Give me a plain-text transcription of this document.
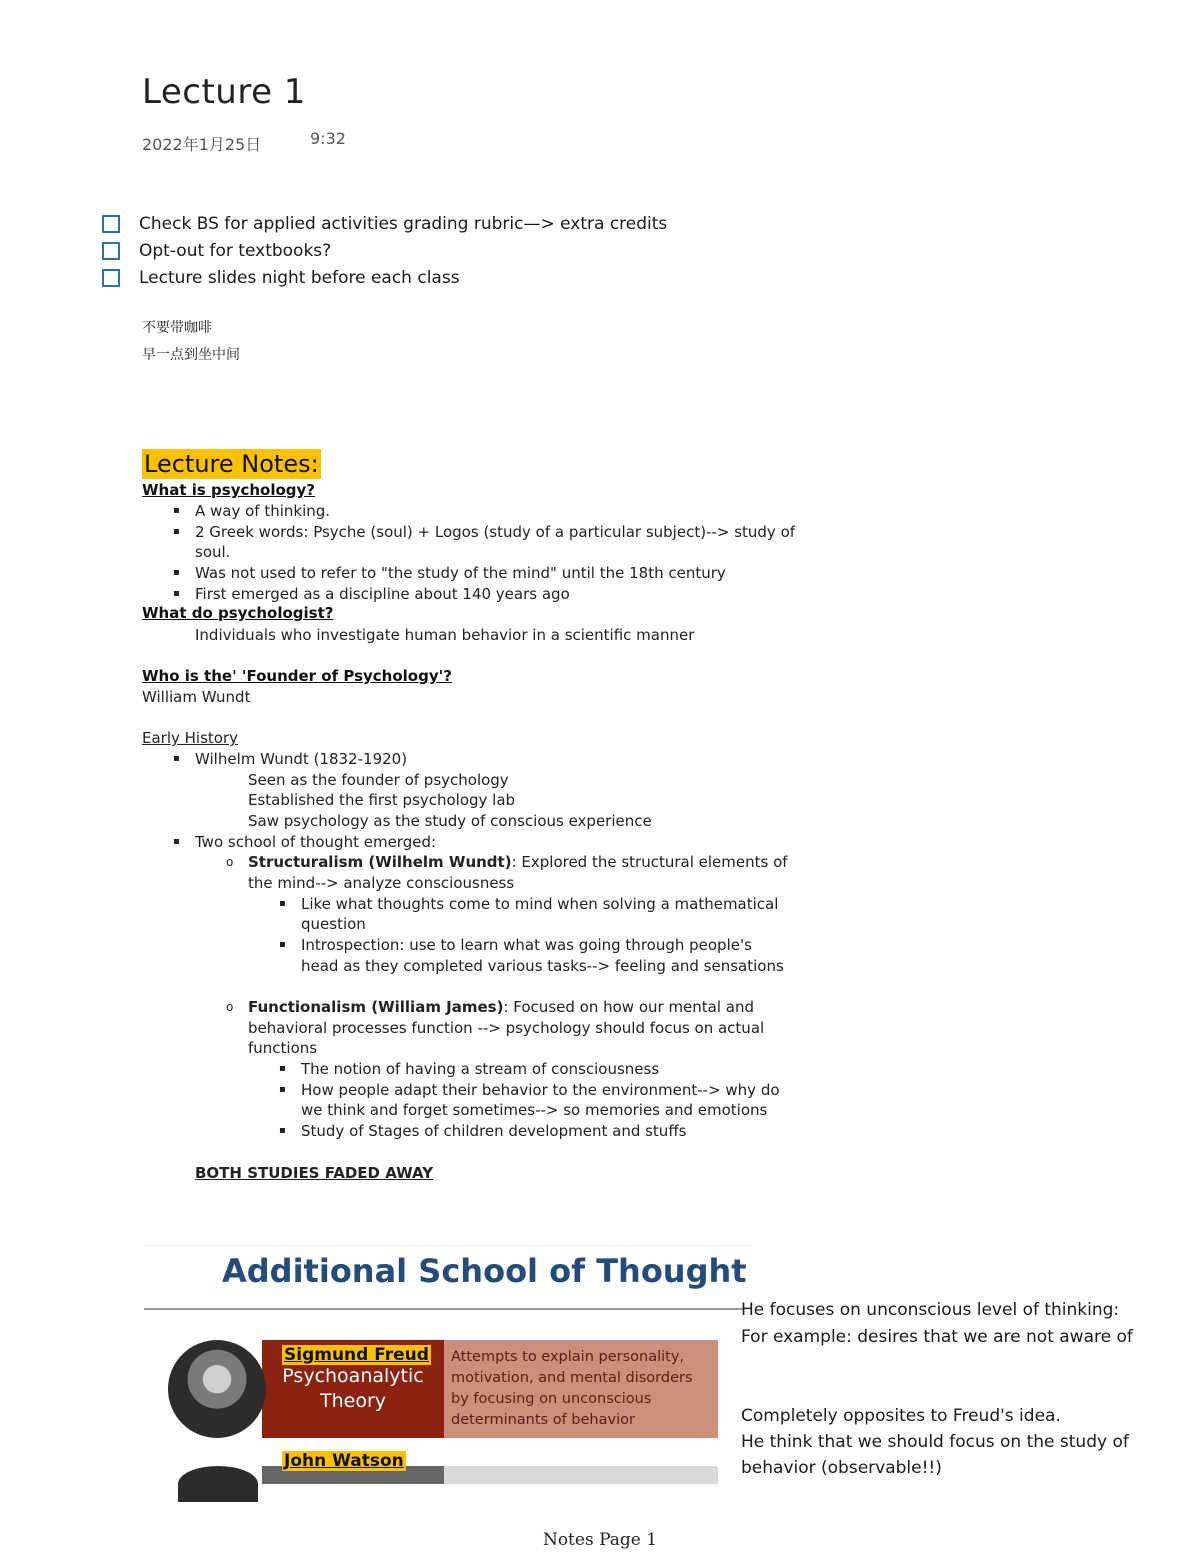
Lecture 1
2022年1月25日	9:32
Check BS for applied activities grading rubric—> extra credits
Opt-out for textbooks?
Lecture slides night before each class
不要带咖啡
早一点到坐中间
Lecture Notes:
What is psychology?
▪ A way of thinking.
▪ 2 Greek words: Psyche (soul) + Logos (study of a particular subject)--> study of
soul.
▪ Was not used to refer to "the study of the mind" until the 18th century
▪ First emerged as a discipline about 140 years ago
What do psychologist?
Individuals who investigate human behavior in a scientific manner
Who is the' 'Founder of Psychology'?
William Wundt
Early History
▪ Wilhelm Wundt (1832-1920)
Seen as the founder of psychology
Established the first psychology lab
Saw psychology as the study of conscious experience
▪ Two school of thought emerged:
o Structuralism (Wilhelm Wundt): Explored the structural elements of
the mind--> analyze consciousness
▪ Like what thoughts come to mind when solving a mathematical
question
▪ Introspection: use to learn what was going through people's
head as they completed various tasks--> feeling and sensations
o Functionalism (William James): Focused on how our mental and
behavioral processes function --> psychology should focus on actual
functions
▪ The notion of having a stream of consciousness
▪ How people adapt their behavior to the environment--> why do
we think and forget sometimes--> so memories and emotions
▪ Study of Stages of children development and stuffs
BOTH STUDIES FADED AWAY
Additional School of Thought
Sigmund Freud
Psychoanalytic
Theory
Attempts to explain personality,
motivation, and mental disorders
by focusing on unconscious
determinants of behavior
John Watson
He focuses on unconscious level of thinking:
For example: desires that we are not aware of
Completely opposites to Freud's idea.
He think that we should focus on the study of
behavior (observable!!)
Notes Page 1
